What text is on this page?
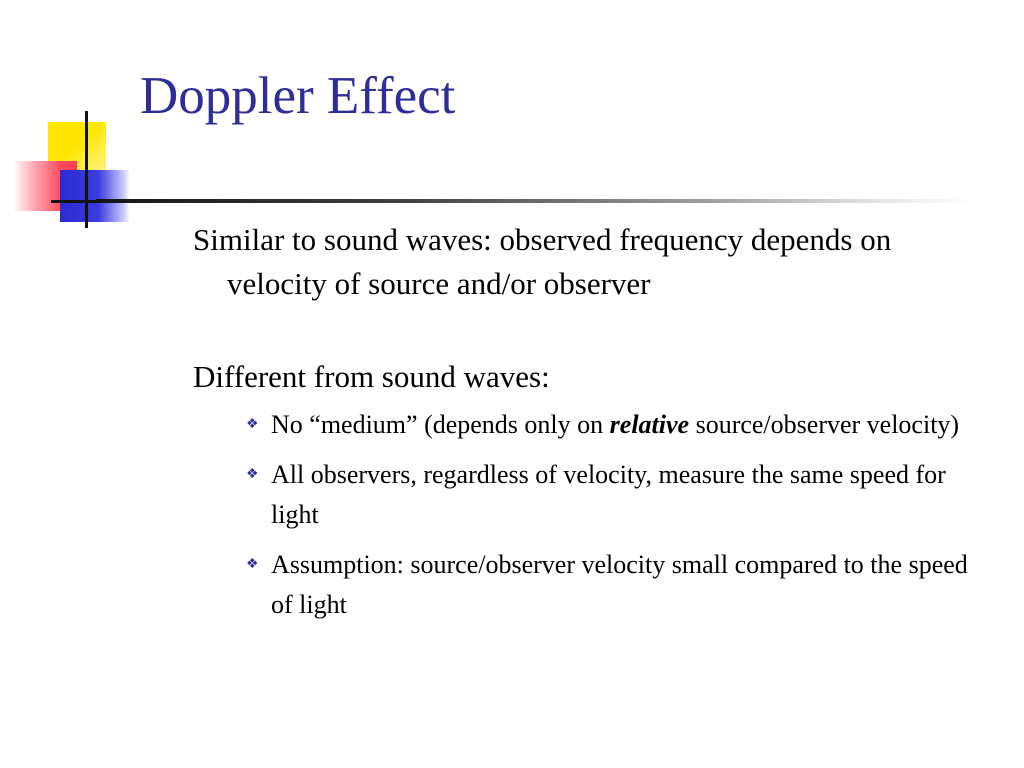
Doppler Effect

Similar to sound waves: observed frequency depends on velocity of source and/or observer

Different from sound waves:

❖ No “medium” (depends only on relative source/observer velocity)
❖ All observers, regardless of velocity, measure the same speed for light
❖ Assumption: source/observer velocity small compared to the speed of light
